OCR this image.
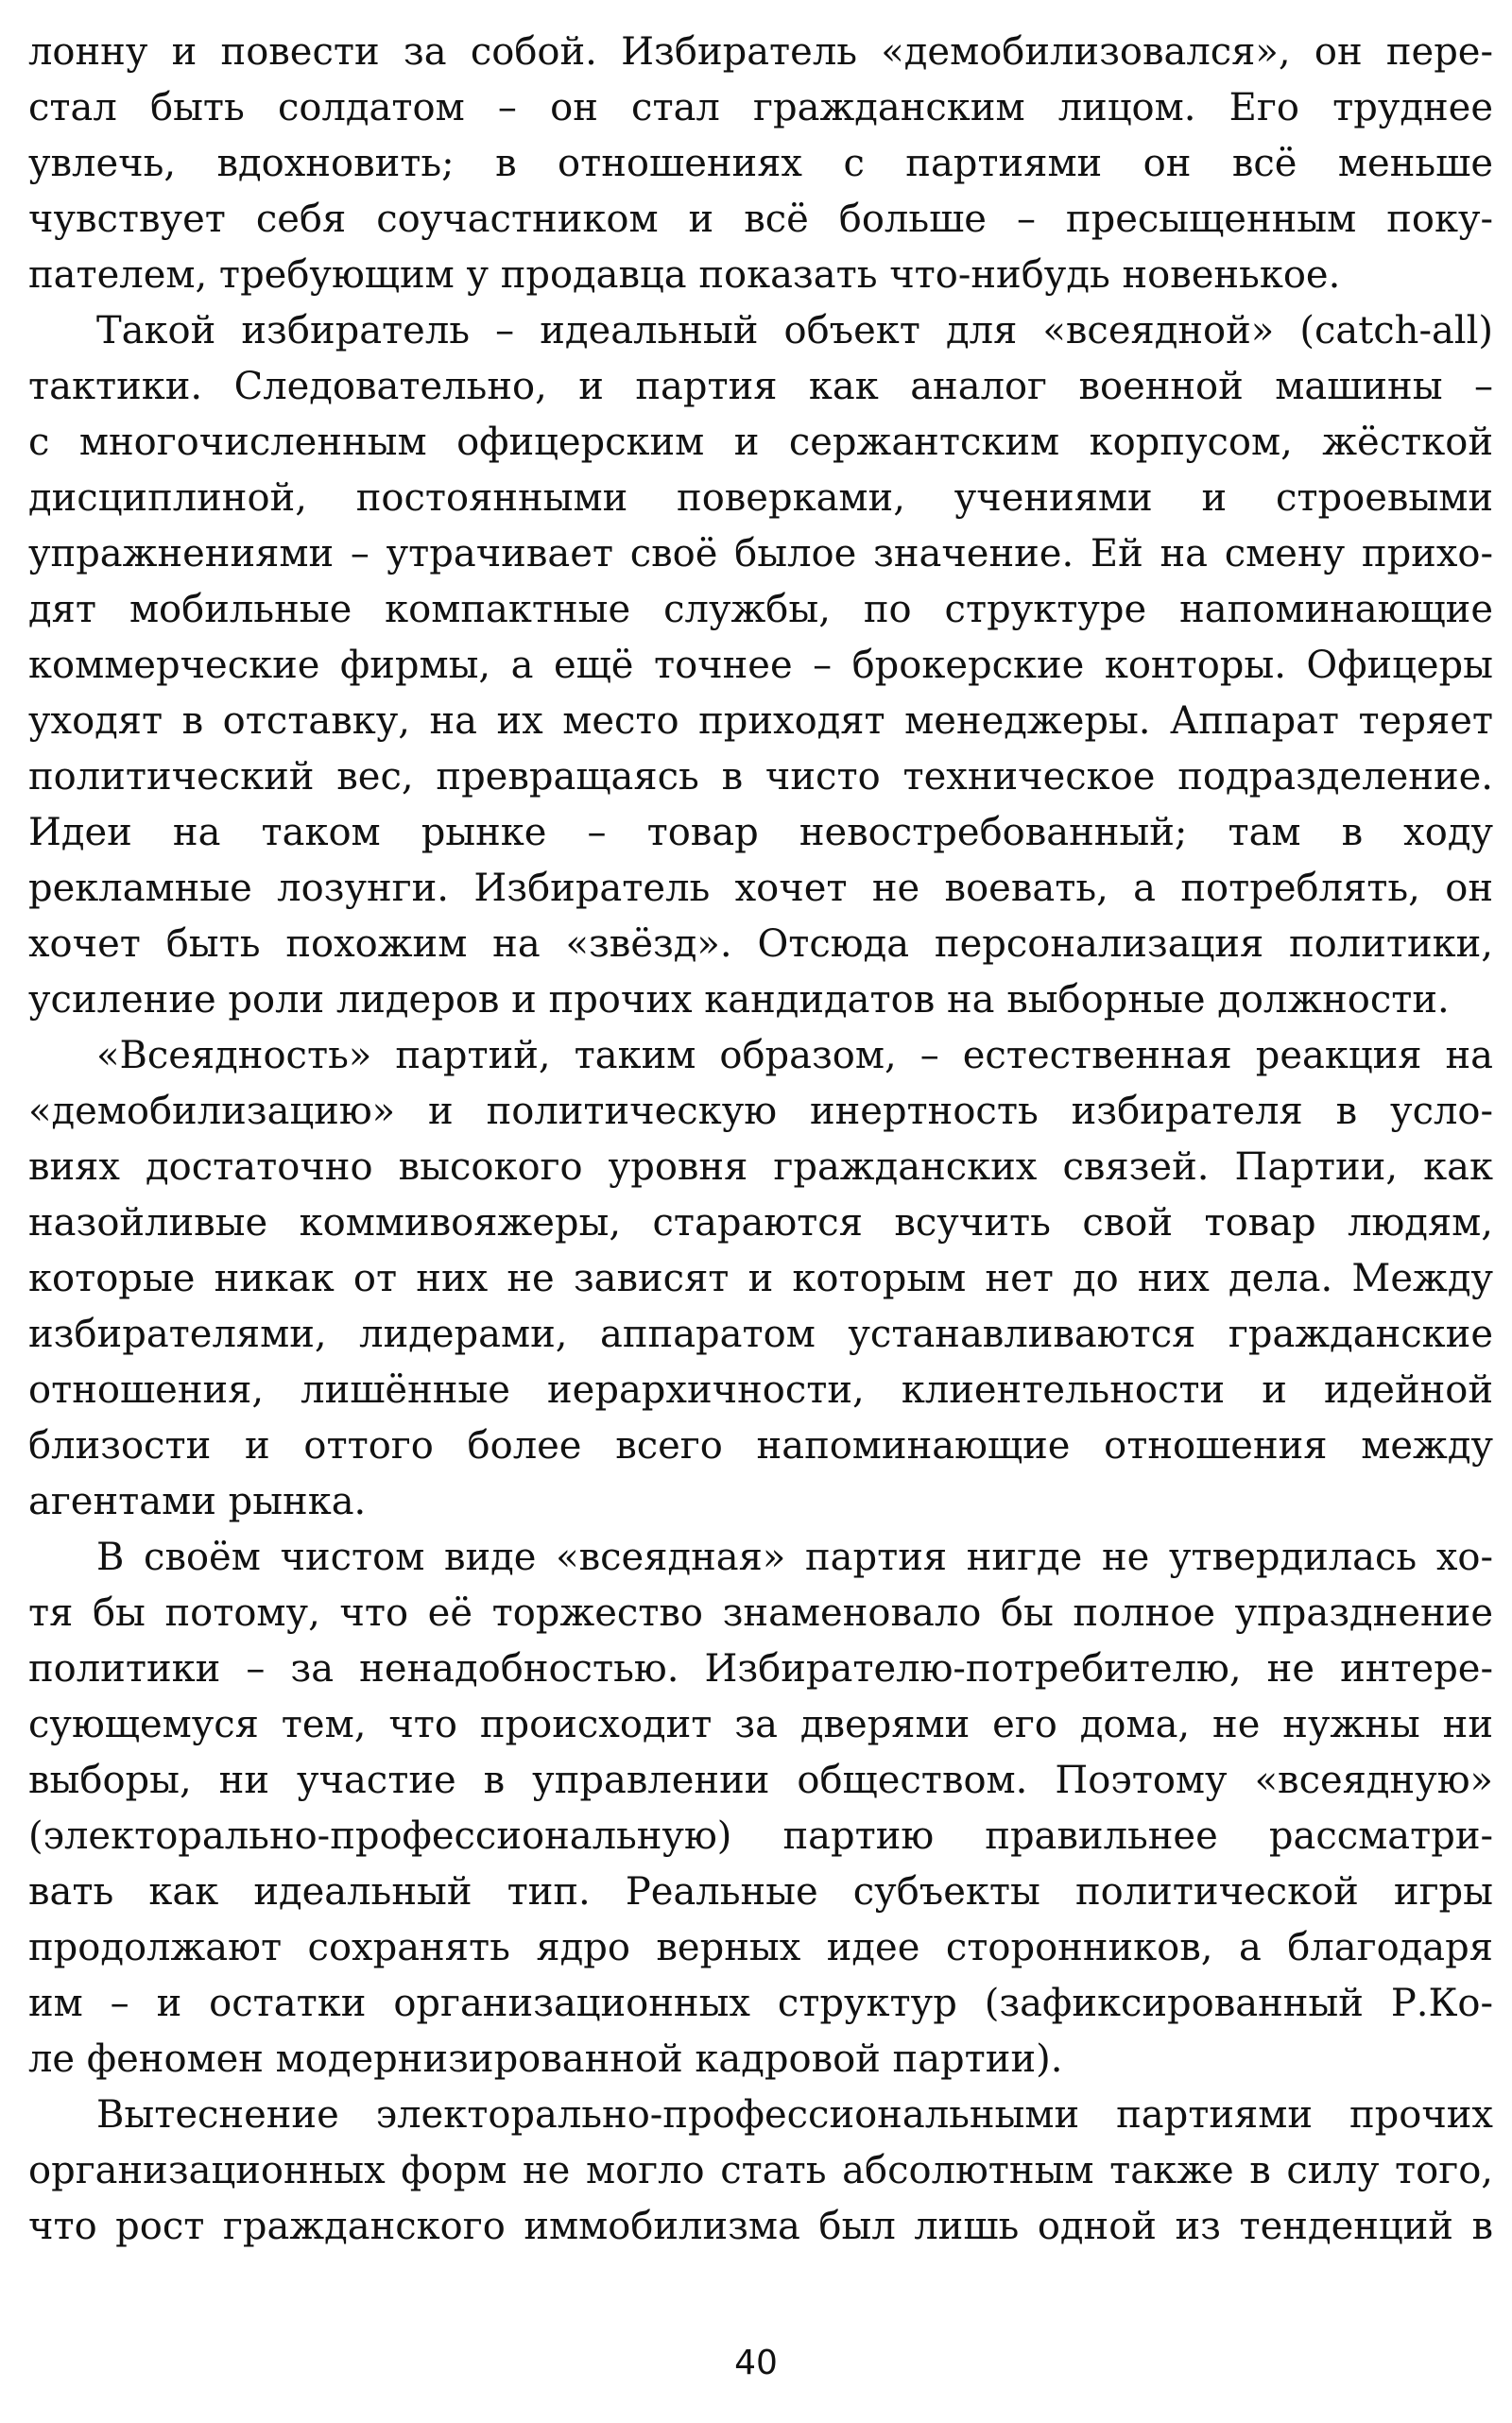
лонну и повести за собой. Избиратель «демобилизовался», он пере-
стал быть солдатом – он стал гражданским лицом. Его труднее
увлечь, вдохновить; в отношениях с партиями он всё меньше
чувствует себя соучастником и всё больше – пресыщенным поку-
пателем, требующим у продавца показать что-нибудь новенькое.
Такой избиратель – идеальный объект для «всеядной» (catch-all)
тактики. Следовательно, и партия как аналог военной машины –
с многочисленным офицерским и сержантским корпусом, жёсткой
дисциплиной, постоянными поверками, учениями и строевыми
упражнениями – утрачивает своё былое значение. Ей на смену прихо-
дят мобильные компактные службы, по структуре напоминающие
коммерческие фирмы, а ещё точнее – брокерские конторы. Офицеры
уходят в отставку, на их место приходят менеджеры. Аппарат теряет
политический вес, превращаясь в чисто техническое подразделение.
Идеи на таком рынке – товар невостребованный; там в ходу
рекламные лозунги. Избиратель хочет не воевать, а потреблять, он
хочет быть похожим на «звёзд». Отсюда персонализация политики,
усиление роли лидеров и прочих кандидатов на выборные должности.
«Всеядность» партий, таким образом, – естественная реакция на
«демобилизацию» и политическую инертность избирателя в усло-
виях достаточно высокого уровня гражданских связей. Партии, как
назойливые коммивояжеры, стараются всучить свой товар людям,
которые никак от них не зависят и которым нет до них дела. Между
избирателями, лидерами, аппаратом устанавливаются гражданские
отношения, лишённые иерархичности, клиентельности и идейной
близости и оттого более всего напоминающие отношения между
агентами рынка.
В своём чистом виде «всеядная» партия нигде не утвердилась хо-
тя бы потому, что её торжество знаменовало бы полное упразднение
политики – за ненадобностью. Избирателю-потребителю, не интере-
сующемуся тем, что происходит за дверями его дома, не нужны ни
выборы, ни участие в управлении обществом. Поэтому «всеядную»
(электорально-профессиональную) партию правильнее рассматри-
вать как идеальный тип. Реальные субъекты политической игры
продолжают сохранять ядро верных идее сторонников, а благодаря
им – и остатки организационных структур (зафиксированный Р.Ко-
ле феномен модернизированной кадровой партии).
Вытеснение электорально-профессиональными партиями прочих
организационных форм не могло стать абсолютным также в силу того,
что рост гражданского иммобилизма был лишь одной из тенденций в
40
